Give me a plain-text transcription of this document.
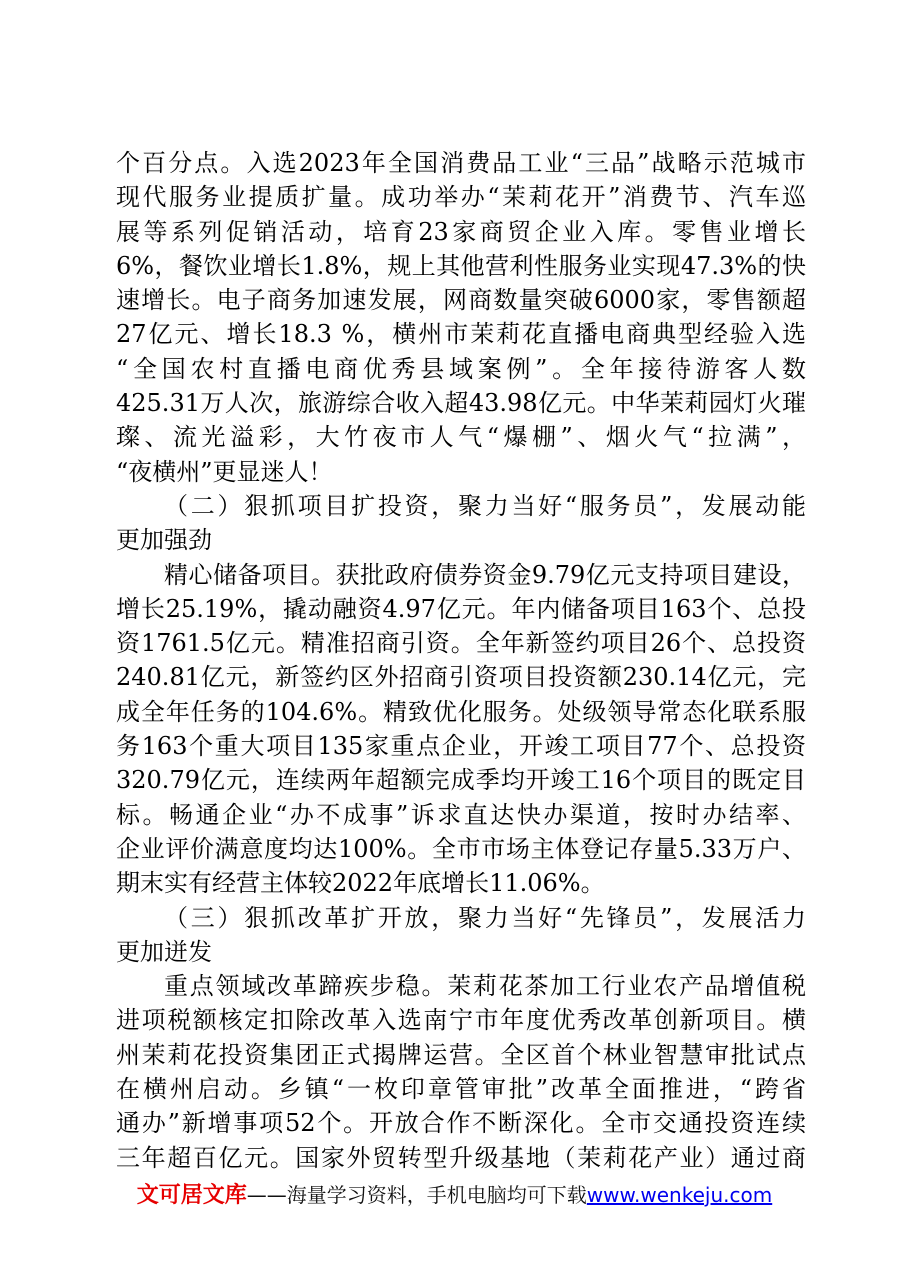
个百分点。入选2023年全国消费品工业“三品”战略示范城市
现代服务业提质扩量。成功举办“茉莉花开”消费节、汽车巡
展等系列促销活动，培育23家商贸企业入库。零售业增长
6%，餐饮业增长1.8%，规上其他营利性服务业实现47.3%的快
速增长。电子商务加速发展，网商数量突破6000家，零售额超
27亿元、增长18.3 %，横州市茉莉花直播电商典型经验入选
“全国农村直播电商优秀县域案例”。全年接待游客人数
425.31万人次，旅游综合收入超43.98亿元。中华茉莉园灯火璀
璨、流光溢彩，大竹夜市人气“爆棚”、烟火气“拉满”，
“夜横州”更显迷人！
（二）狠抓项目扩投资，聚力当好“服务员”，发展动能
更加强劲
精心储备项目。获批政府债券资金9.79亿元支持项目建设，
增长25.19%，撬动融资4.97亿元。年内储备项目163个、总投
资1761.5亿元。精准招商引资。全年新签约项目26个、总投资
240.81亿元，新签约区外招商引资项目投资额230.14亿元，完
成全年任务的104.6%。精致优化服务。处级领导常态化联系服
务163个重大项目135家重点企业，开竣工项目77个、总投资
320.79亿元，连续两年超额完成季均开竣工16个项目的既定目
标。畅通企业“办不成事”诉求直达快办渠道，按时办结率、
企业评价满意度均达100%。全市市场主体登记存量5.33万户、
期末实有经营主体较2022年底增长11.06%。
（三）狠抓改革扩开放，聚力当好“先锋员”，发展活力
更加迸发
重点领域改革蹄疾步稳。茉莉花茶加工行业农产品增值税
进项税额核定扣除改革入选南宁市年度优秀改革创新项目。横
州茉莉花投资集团正式揭牌运营。全区首个林业智慧审批试点
在横州启动。乡镇“一枚印章管审批”改革全面推进，“跨省
通办”新增事项52个。开放合作不断深化。全市交通投资连续
三年超百亿元。国家外贸转型升级基地（茉莉花产业）通过商
文可居文库——海量学习资料，手机电脑均可下载www.wenkeju.com
